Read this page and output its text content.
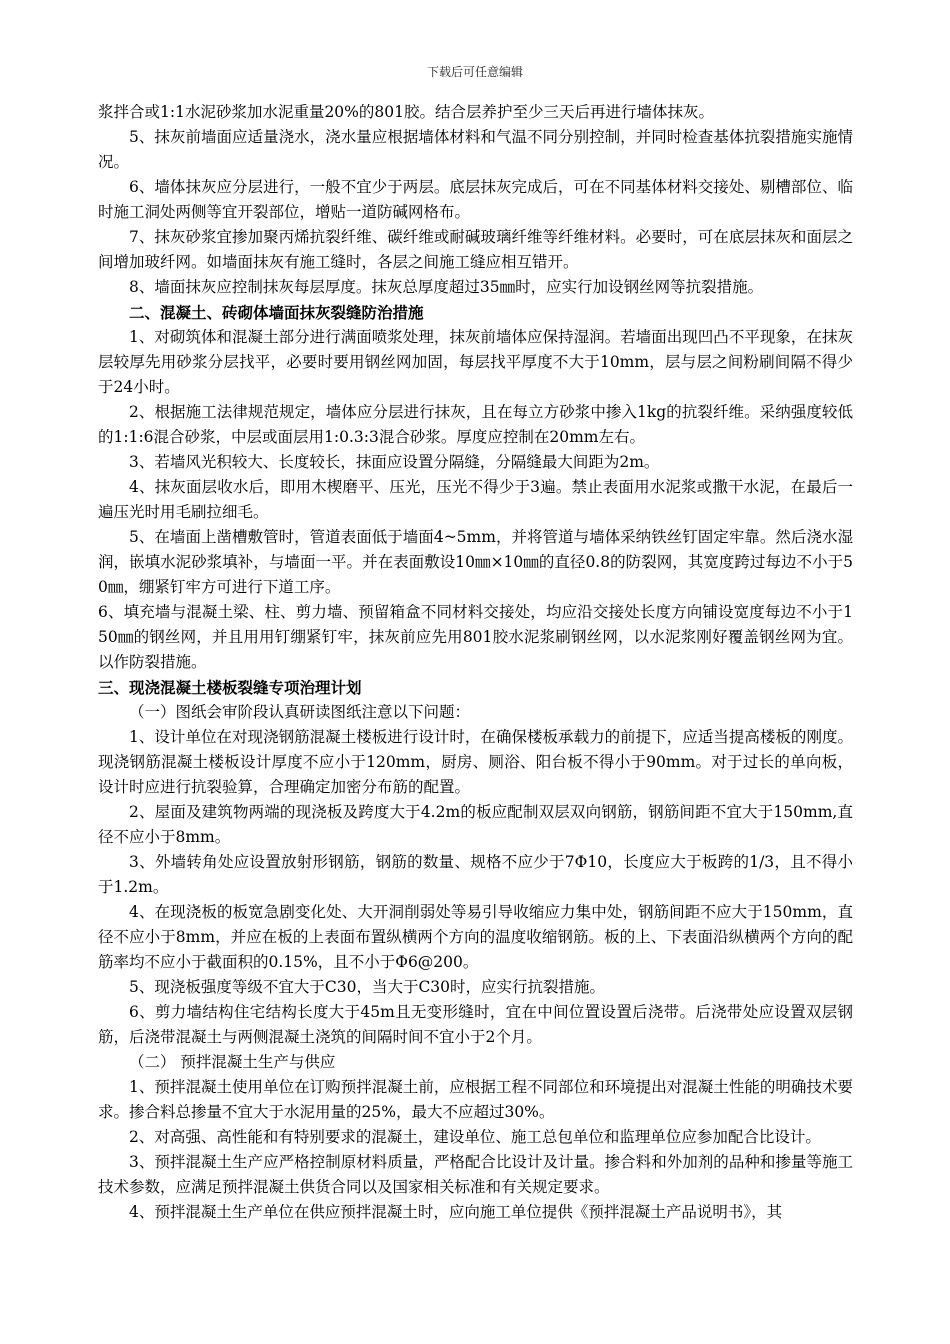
下载后可任意编辑

浆拌合或1:1水泥砂浆加水泥重量20%的801胶。结合层养护至少三天后再进行墙体抹灰。

5、抹灰前墙面应适量浇水，浇水量应根据墙体材料和气温不同分别控制，并同时检查基体抗裂措施实施情况。

6、墙体抹灰应分层进行，一般不宜少于两层。底层抹灰完成后，可在不同基体材料交接处、剔槽部位、临时施工洞处两侧等宜开裂部位，增贴一道防碱网格布。

7、抹灰砂浆宜掺加聚丙烯抗裂纤维、碳纤维或耐碱玻璃纤维等纤维材料。必要时，可在底层抹灰和面层之间增加玻纤网。如墙面抹灰有施工缝时，各层之间施工缝应相互错开。

8、墙面抹灰应控制抹灰每层厚度。抹灰总厚度超过35㎜时，应实行加设钢丝网等抗裂措施。

二、混凝土、砖砌体墙面抹灰裂缝防治措施

1、对砌筑体和混凝土部分进行满面喷浆处理，抹灰前墙体应保持湿润。若墙面出现凹凸不平现象，在抹灰层较厚先用砂浆分层找平，必要时要用钢丝网加固，每层找平厚度不大于10mm，层与层之间粉刷间隔不得少于24小时。

2、根据施工法律规范规定，墙体应分层进行抹灰，且在每立方砂浆中掺入1kg的抗裂纤维。采纳强度较低的1:1:6混合砂浆，中层或面层用1:0.3:3混合砂浆。厚度应控制在20mm左右。

3、若墙风光积较大、长度较长，抹面应设置分隔缝，分隔缝最大间距为2m。

4、抹灰面层收水后，即用木楔磨平、压光，压光不得少于3遍。禁止表面用水泥浆或撒干水泥，在最后一遍压光时用毛刷拉细毛。

5、在墙面上凿槽敷管时，管道表面低于墙面4~5mm，并将管道与墙体采纳铁丝钉固定牢靠。然后浇水湿润，嵌填水泥砂浆填补，与墙面一平。并在表面敷设10㎜×10㎜的直径0.8的防裂网，其宽度跨过每边不小于50㎜，绷紧钉牢方可进行下道工序。

6、填充墙与混凝土梁、柱、剪力墙、预留箱盒不同材料交接处，均应沿交接处长度方向铺设宽度每边不小于150㎜的钢丝网，并且用用钉绷紧钉牢，抹灰前应先用801胶水泥浆刷钢丝网，以水泥浆刚好覆盖钢丝网为宜。以作防裂措施。

三、现浇混凝土楼板裂缝专项治理计划

（一）图纸会审阶段认真研读图纸注意以下问题：

1、设计单位在对现浇钢筋混凝土楼板进行设计时，在确保楼板承载力的前提下，应适当提高楼板的刚度。现浇钢筋混凝土楼板设计厚度不应小于120mm，厨房、厕浴、阳台板不得小于90mm。对于过长的单向板，设计时应进行抗裂验算，合理确定加密分布筋的配置。

2、屋面及建筑物两端的现浇板及跨度大于4.2m的板应配制双层双向钢筋，钢筋间距不宜大于150mm,直径不应小于8mm。

3、外墙转角处应设置放射形钢筋，钢筋的数量、规格不应少于7Φ10，长度应大于板跨的1/3，且不得小于1.2m。

4、在现浇板的板宽急剧变化处、大开洞削弱处等易引导收缩应力集中处，钢筋间距不应大于150mm，直径不应小于8mm，并应在板的上表面布置纵横两个方向的温度收缩钢筋。板的上、下表面沿纵横两个方向的配筋率均不应小于截面积的0.15%，且不小于Φ6@200。

5、现浇板强度等级不宜大于C30，当大于C30时，应实行抗裂措施。

6、剪力墙结构住宅结构长度大于45m且无变形缝时，宜在中间位置设置后浇带。后浇带处应设置双层钢筋，后浇带混凝土与两侧混凝土浇筑的间隔时间不宜小于2个月。

（二） 预拌混凝土生产与供应

1、预拌混凝土使用单位在订购预拌混凝土前，应根据工程不同部位和环境提出对混凝土性能的明确技术要求。掺合料总掺量不宜大于水泥用量的25%，最大不应超过30%。

2、对高强、高性能和有特别要求的混凝土，建设单位、施工总包单位和监理单位应参加配合比设计。

3、预拌混凝土生产应严格控制原材料质量，严格配合比设计及计量。掺合料和外加剂的品种和掺量等施工技术参数，应满足预拌混凝土供货合同以及国家相关标准和有关规定要求。

4、预拌混凝土生产单位在供应预拌混凝土时，应向施工单位提供《预拌混凝土产品说明书》，其
